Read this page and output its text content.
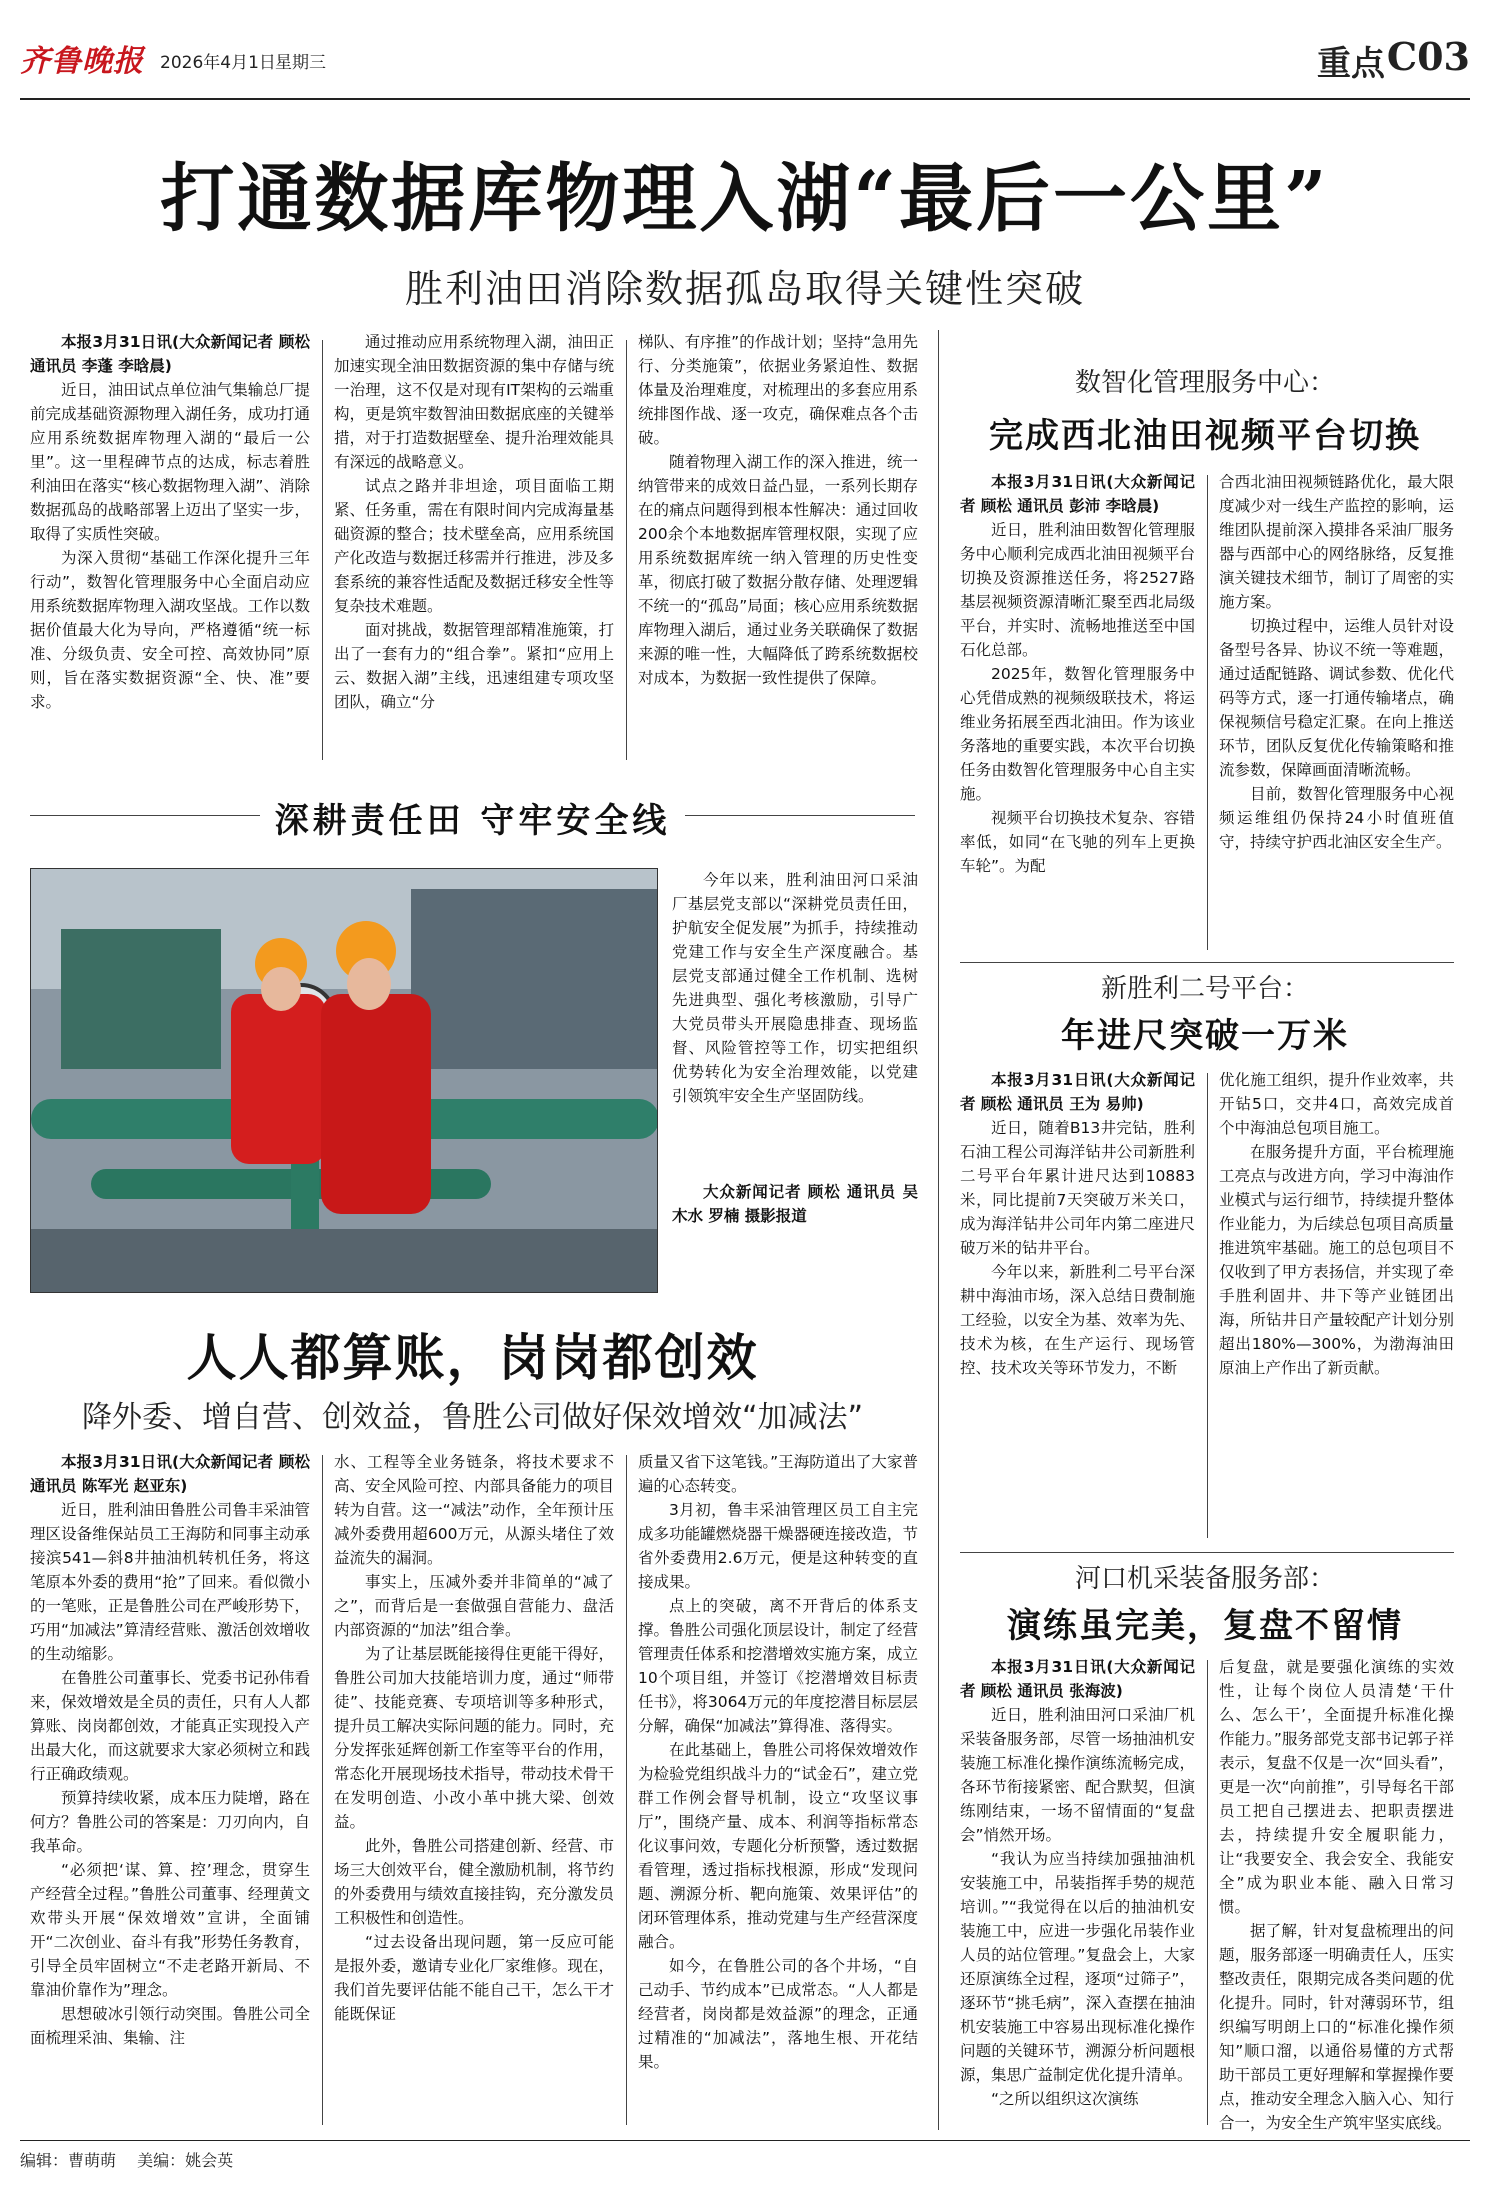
齐鲁晚报 2026年4月1日 星期三	重点 C03
打通数据库物理入湖“最后一公里”
胜利油田消除数据孤岛取得关键性突破

本报3月31日讯(大众新闻记者 顾松 通讯员 李蓬 李晗晨)

近日，油田试点单位油气集输总厂提前完成基础资源物理入湖任务，成功打通应用系统数据库物理入湖的“最后一公里”。这一里程碑节点的达成，标志着胜利油田在落实“核心数据物理入湖”、消除数据孤岛的战略部署上迈出了坚实一步，取得了实质性突破。

为深入贯彻“基础工作深化提升三年行动”，数智化管理服务中心全面启动应用系统数据库物理入湖攻坚战。工作以数据价值最大化为导向，严格遵循“统一标准、分级负责、安全可控、高效协同”原则，旨在落实数据资源“全、快、准”要求。

通过推动应用系统物理入湖，油田正加速实现全油田数据资源的集中存储与统一治理，这不仅是对现有IT架构的云端重构，更是筑牢数智油田数据底座的关键举措，对于打造数据壁垒、提升治理效能具有深远的战略意义。

试点之路并非坦途，项目面临工期紧、任务重，需在有限时间内完成海量基础资源的整合；技术壁垒高，应用系统国产化改造与数据迁移需并行推进，涉及多套系统的兼容性适配及数据迁移安全性等复杂技术难题。

面对挑战，数据管理部精准施策，打出了一套有力的“组合拳”。紧扣“应用上云、数据入湖”主线，迅速组建专项攻坚团队，确立“分

梯队、有序推”的作战计划；坚持“急用先行、分类施策”，依据业务紧迫性、数据体量及治理难度，对梳理出的多套应用系统排图作战、逐一攻克，确保难点各个击破。

随着物理入湖工作的深入推进，统一纳管带来的成效日益凸显，一系列长期存在的痛点问题得到根本性解决：通过回收200余个本地数据库管理权限，实现了应用系统数据库统一纳入管理的历史性变革，彻底打破了数据分散存储、处理逻辑不统一的“孤岛”局面；核心应用系统数据库物理入湖后，通过业务关联确保了数据来源的唯一性，大幅降低了跨系统数据校对成本，为数据一致性提供了保障。

深耕责任田 守牢安全线

今年以来，胜利油田河口采油厂基层党支部以“深耕党员责任田，护航安全促发展”为抓手，持续推动党建工作与安全生产深度融合。基层党支部通过健全工作机制、选树先进典型、强化考核激励，引导广大党员带头开展隐患排查、现场监督、风险管控等工作，切实把组织优势转化为安全治理效能，以党建引领筑牢安全生产坚固防线。

大众新闻记者 顾松 通讯员 吴木水 罗楠 摄影报道

人人都算账，岗岗都创效
降外委、增自营、创效益，鲁胜公司做好保效增效“加减法”

本报3月31日讯(大众新闻记者 顾松 通讯员 陈军光 赵亚东)

近日，胜利油田鲁胜公司鲁丰采油管理区设备维保站员工王海防和同事主动承接滨541—斜8井抽油机转机任务，将这笔原本外委的费用“抢”了回来。看似微小的一笔账，正是鲁胜公司在严峻形势下，巧用“加减法”算清经营账、激活创效增收的生动缩影。

在鲁胜公司董事长、党委书记孙伟看来，保效增效是全员的责任，只有人人都算账、岗岗都创效，才能真正实现投入产出最大化，而这就要求大家必须树立和践行正确政绩观。

预算持续收紧，成本压力陡增，路在何方？鲁胜公司的答案是：刀刃向内，自我革命。

“必须把‘谋、算、控’理念，贯穿生产经营全过程。”鲁胜公司董事、经理黄文欢带头开展“保效增效”宣讲，全面铺开“二次创业、奋斗有我”形势任务教育，引导全员牢固树立“不走老路开新局、不靠油价靠作为”理念。

思想破冰引领行动突围。鲁胜公司全面梳理采油、集输、注

水、工程等全业务链条，将技术要求不高、安全风险可控、内部具备能力的项目转为自营。这一“减法”动作，全年预计压减外委费用超600万元，从源头堵住了效益流失的漏洞。

事实上，压减外委并非简单的“减了之”，而背后是一套做强自营能力、盘活内部资源的“加法”组合拳。

为了让基层既能接得住更能干得好，鲁胜公司加大技能培训力度，通过“师带徒”、技能竞赛、专项培训等多种形式，提升员工解决实际问题的能力。同时，充分发挥张延辉创新工作室等平台的作用，常态化开展现场技术指导，带动技术骨干在发明创造、小改小革中挑大梁、创效益。

此外，鲁胜公司搭建创新、经营、市场三大创效平台，健全激励机制，将节约的外委费用与绩效直接挂钩，充分激发员工积极性和创造性。

“过去设备出现问题，第一反应可能是报外委，邀请专业化厂家维修。现在，我们首先要评估能不能自己干，怎么干才能既保证

质量又省下这笔钱。”王海防道出了大家普遍的心态转变。

3月初，鲁丰采油管理区员工自主完成多功能罐燃烧器干燥器硬连接改造，节省外委费用2.6万元，便是这种转变的直接成果。

点上的突破，离不开背后的体系支撑。鲁胜公司强化顶层设计，制定了经营管理责任体系和挖潜增效实施方案，成立10个项目组，并签订《挖潜增效目标责任书》，将3064万元的年度挖潜目标层层分解，确保“加减法”算得准、落得实。

在此基础上，鲁胜公司将保效增效作为检验党组织战斗力的“试金石”，建立党群工作例会督导机制，设立“攻坚议事厅”，围绕产量、成本、利润等指标常态化议事问效，专题化分析预警，透过数据看管理，透过指标找根源，形成“发现问题、溯源分析、靶向施策、效果评估”的闭环管理体系，推动党建与生产经营深度融合。

如今，在鲁胜公司的各个井场，“自己动手、节约成本”已成常态。“人人都是经营者，岗岗都是效益源”的理念，正通过精准的“加减法”，落地生根、开花结果。

数智化管理服务中心：
完成西北油田视频平台切换

本报3月31日讯(大众新闻记者 顾松 通讯员 彭沛 李晗晨)

近日，胜利油田数智化管理服务中心顺利完成西北油田视频平台切换及资源推送任务，将2527路基层视频资源清晰汇聚至西北局级平台，并实时、流畅地推送至中国石化总部。

2025年，数智化管理服务中心凭借成熟的视频级联技术，将运维业务拓展至西北油田。作为该业务落地的重要实践，本次平台切换任务由数智化管理服务中心自主实施。

视频平台切换技术复杂、容错率低，如同“在飞驰的列车上更换车轮”。为配

合西北油田视频链路优化，最大限度减少对一线生产监控的影响，运维团队提前深入摸排各采油厂服务器与西部中心的网络脉络，反复推演关键技术细节，制订了周密的实施方案。

切换过程中，运维人员针对设备型号各异、协议不统一等难题，通过适配链路、调试参数、优化代码等方式，逐一打通传输堵点，确保视频信号稳定汇聚。在向上推送环节，团队反复优化传输策略和推流参数，保障画面清晰流畅。

目前，数智化管理服务中心视频运维组仍保持24小时值班值守，持续守护西北油区安全生产。

新胜利二号平台：
年进尺突破一万米

本报3月31日讯(大众新闻记者 顾松 通讯员 王为 易帅)

近日，随着B13井完钻，胜利石油工程公司海洋钻井公司新胜利二号平台年累计进尺达到10883米，同比提前7天突破万米关口，成为海洋钻井公司年内第二座进尺破万米的钻井平台。

今年以来，新胜利二号平台深耕中海油市场，深入总结日费制施工经验，以安全为基、效率为先、技术为核，在生产运行、现场管控、技术攻关等环节发力，不断

优化施工组织，提升作业效率，共开钻5口，交井4口，高效完成首个中海油总包项目施工。

在服务提升方面，平台梳理施工亮点与改进方向，学习中海油作业模式与运行细节，持续提升整体作业能力，为后续总包项目高质量推进筑牢基础。施工的总包项目不仅收到了甲方表扬信，并实现了牵手胜利固井、井下等产业链团出海，所钻井日产量较配产计划分别超出180%—300%，为渤海油田原油上产作出了新贡献。

河口机采装备服务部：
演练虽完美，复盘不留情

本报3月31日讯(大众新闻记者 顾松 通讯员 张海波)

近日，胜利油田河口采油厂机采装备服务部，尽管一场抽油机安装施工标准化操作演练流畅完成，各环节衔接紧密、配合默契，但演练刚结束，一场不留情面的“复盘会”悄然开场。

“我认为应当持续加强抽油机安装施工中，吊装指挥手势的规范培训。”“我觉得在以后的抽油机安装施工中，应进一步强化吊装作业人员的站位管理。”复盘会上，大家还原演练全过程，逐项“过筛子”，逐环节“挑毛病”，深入查摆在抽油机安装施工中容易出现标准化操作问题的关键环节，溯源分析问题根源，集思广益制定优化提升清单。

“之所以组织这次演练

后复盘，就是要强化演练的实效性，让每个岗位人员清楚‘干什么、怎么干’，全面提升标准化操作能力。”服务部党支部书记郭子祥表示，复盘不仅是一次“回头看”，更是一次“向前推”，引导每名干部员工把自己摆进去、把职责摆进去，持续提升安全履职能力，让“我要安全、我会安全、我能安全”成为职业本能、融入日常习惯。

据了解，针对复盘梳理出的问题，服务部逐一明确责任人，压实整改责任，限期完成各类问题的优化提升。同时，针对薄弱环节，组织编写明朗上口的“标准化操作须知”顺口溜，以通俗易懂的方式帮助干部员工更好理解和掌握操作要点，推动安全理念入脑入心、知行合一，为安全生产筑牢坚实底线。

编辑：曹萌萌 美编：姚会英
